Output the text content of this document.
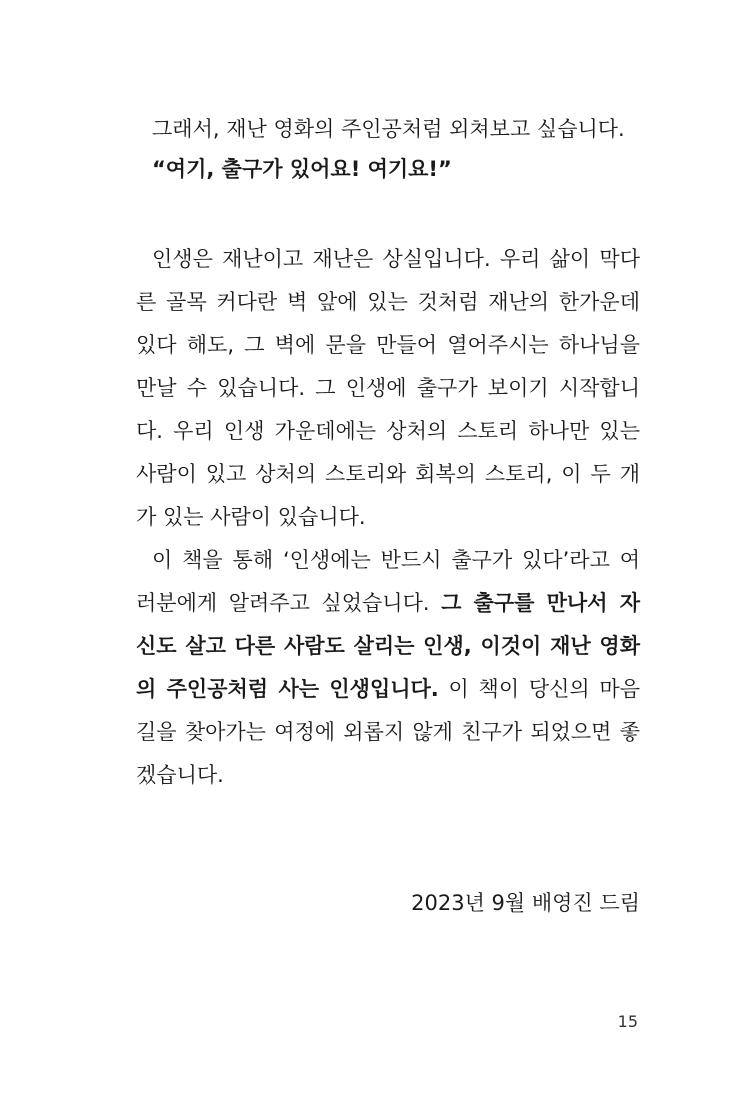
그래서, 재난 영화의 주인공처럼 외쳐보고 싶습니다.

“여기, 출구가 있어요! 여기요!”

인생은 재난이고 재난은 상실입니다. 우리 삶이 막다

른 골목 커다란 벽 앞에 있는 것처럼 재난의 한가운데

있다 해도, 그 벽에 문을 만들어 열어주시는 하나님을

만날 수 있습니다. 그 인생에 출구가 보이기 시작합니

다. 우리 인생 가운데에는 상처의 스토리 하나만 있는

사람이 있고 상처의 스토리와 회복의 스토리, 이 두 개

가 있는 사람이 있습니다.

이 책을 통해 ‘인생에는 반드시 출구가 있다’라고 여

러분에게 알려주고 싶었습니다. 그 출구를 만나서 자

신도 살고 다른 사람도 살리는 인생, 이것이 재난 영화

의 주인공처럼 사는 인생입니다. 이 책이 당신의 마음

길을 찾아가는 여정에 외롭지 않게 친구가 되었으면 좋

겠습니다.

2023년 9월 배영진 드림

15
